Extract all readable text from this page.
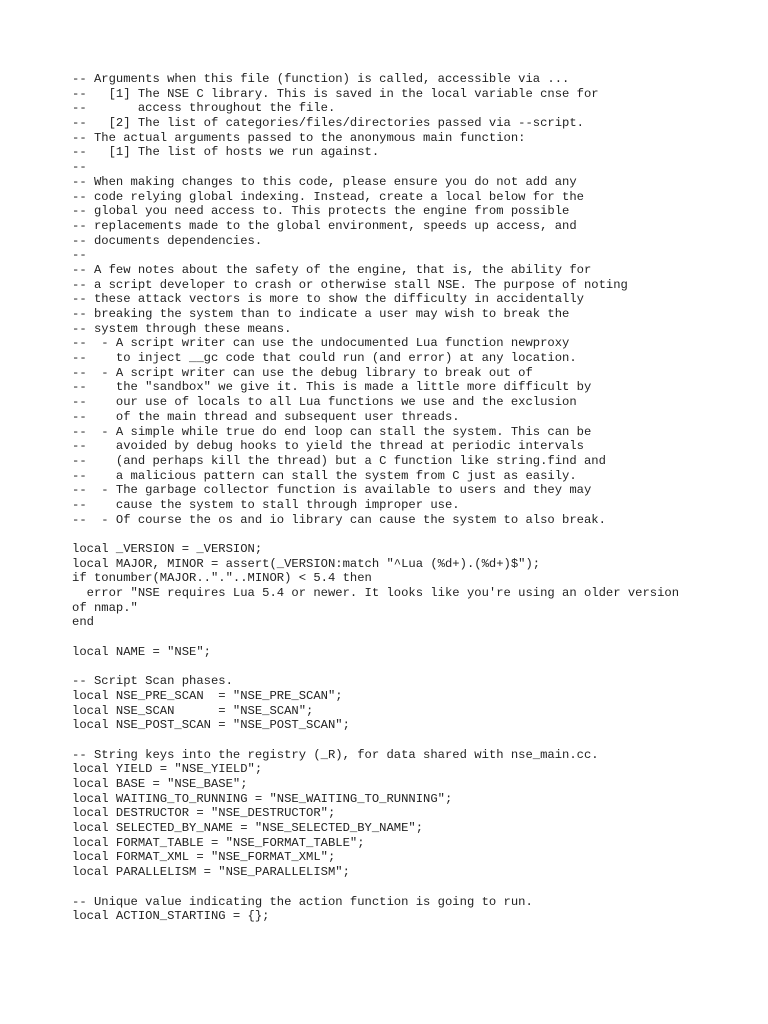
-- Arguments when this file (function) is called, accessible via ...
--   [1] The NSE C library. This is saved in the local variable cnse for
--       access throughout the file.
--   [2] The list of categories/files/directories passed via --script.
-- The actual arguments passed to the anonymous main function:
--   [1] The list of hosts we run against.
--
-- When making changes to this code, please ensure you do not add any
-- code relying global indexing. Instead, create a local below for the
-- global you need access to. This protects the engine from possible
-- replacements made to the global environment, speeds up access, and
-- documents dependencies.
--
-- A few notes about the safety of the engine, that is, the ability for
-- a script developer to crash or otherwise stall NSE. The purpose of noting
-- these attack vectors is more to show the difficulty in accidentally
-- breaking the system than to indicate a user may wish to break the
-- system through these means.
--  - A script writer can use the undocumented Lua function newproxy
--    to inject __gc code that could run (and error) at any location.
--  - A script writer can use the debug library to break out of
--    the "sandbox" we give it. This is made a little more difficult by
--    our use of locals to all Lua functions we use and the exclusion
--    of the main thread and subsequent user threads.
--  - A simple while true do end loop can stall the system. This can be
--    avoided by debug hooks to yield the thread at periodic intervals
--    (and perhaps kill the thread) but a C function like string.find and
--    a malicious pattern can stall the system from C just as easily.
--  - The garbage collector function is available to users and they may
--    cause the system to stall through improper use.
--  - Of course the os and io library can cause the system to also break.
local _VERSION = _VERSION;
local MAJOR, MINOR = assert(_VERSION:match "^Lua (%d+).(%d+)$");
if tonumber(MAJOR.."."..MINOR) < 5.4 then
error "NSE requires Lua 5.4 or newer. It looks like you're using an older version
of nmap."
end
local NAME = "NSE";
-- Script Scan phases.
local NSE_PRE_SCAN  = "NSE_PRE_SCAN";
local NSE_SCAN      = "NSE_SCAN";
local NSE_POST_SCAN = "NSE_POST_SCAN";
-- String keys into the registry (_R), for data shared with nse_main.cc.
local YIELD = "NSE_YIELD";
local BASE = "NSE_BASE";
local WAITING_TO_RUNNING = "NSE_WAITING_TO_RUNNING";
local DESTRUCTOR = "NSE_DESTRUCTOR";
local SELECTED_BY_NAME = "NSE_SELECTED_BY_NAME";
local FORMAT_TABLE = "NSE_FORMAT_TABLE";
local FORMAT_XML = "NSE_FORMAT_XML";
local PARALLELISM = "NSE_PARALLELISM";
-- Unique value indicating the action function is going to run.
local ACTION_STARTING = {};
